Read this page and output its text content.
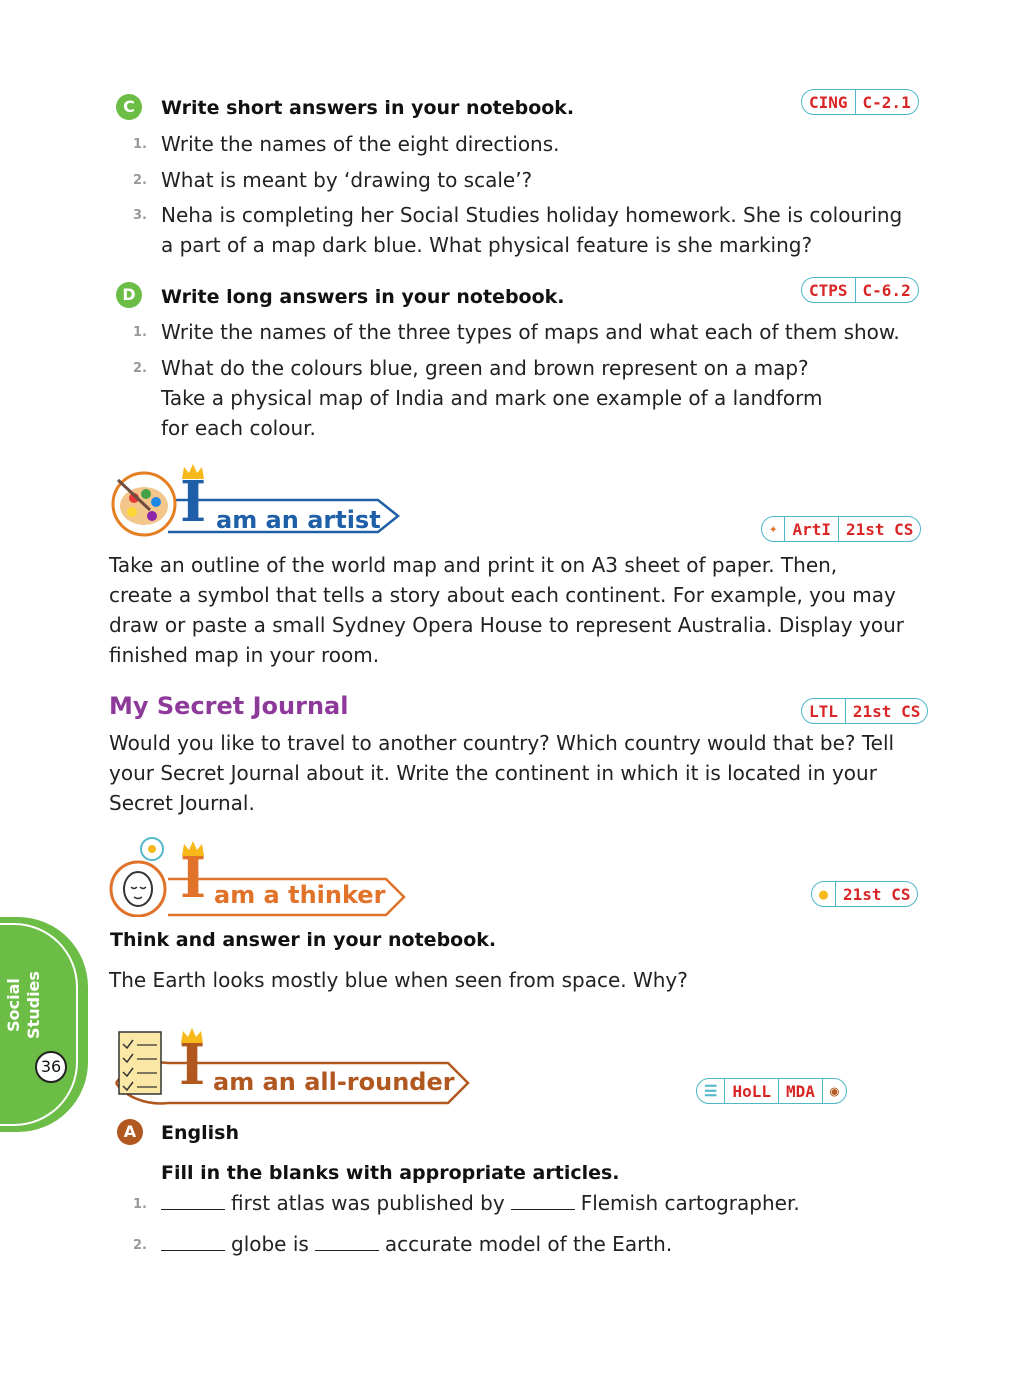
C	Write short answers in your notebook.	CING C-2.1
1. Write the names of the eight directions.
2. What is meant by ‘drawing to scale’?
3. Neha is completing her Social Studies holiday homework. She is colouring
a part of a map dark blue. What physical feature is she marking?
D	Write long answers in your notebook.	CTPS C-6.2
1. Write the names of the three types of maps and what each of them show.
2. What do the colours blue, green and brown represent on a map?
Take a physical map of India and mark one example of a landform
for each colour.
I am an artist	✦ ArtI 21st CS
Take an outline of the world map and print it on A3 sheet of paper. Then,
create a symbol that tells a story about each continent. For example, you may
draw or paste a small Sydney Opera House to represent Australia. Display your
finished map in your room.
My Secret Journal	LTL 21st CS
Would you like to travel to another country? Which country would that be? Tell
your Secret Journal about it. Write the continent in which it is located in your
Secret Journal.
I am a thinker	● 21st CS
Think and answer in your notebook.
The Earth looks mostly blue when seen from space. Why?
Social Studies
36 I am an all-rounder	☰ HoLL MDA	◉
A	English
Fill in the blanks with appropriate articles.
1.	first atlas was published by	Flemish cartographer.
2.	globe is	accurate model of the Earth.
